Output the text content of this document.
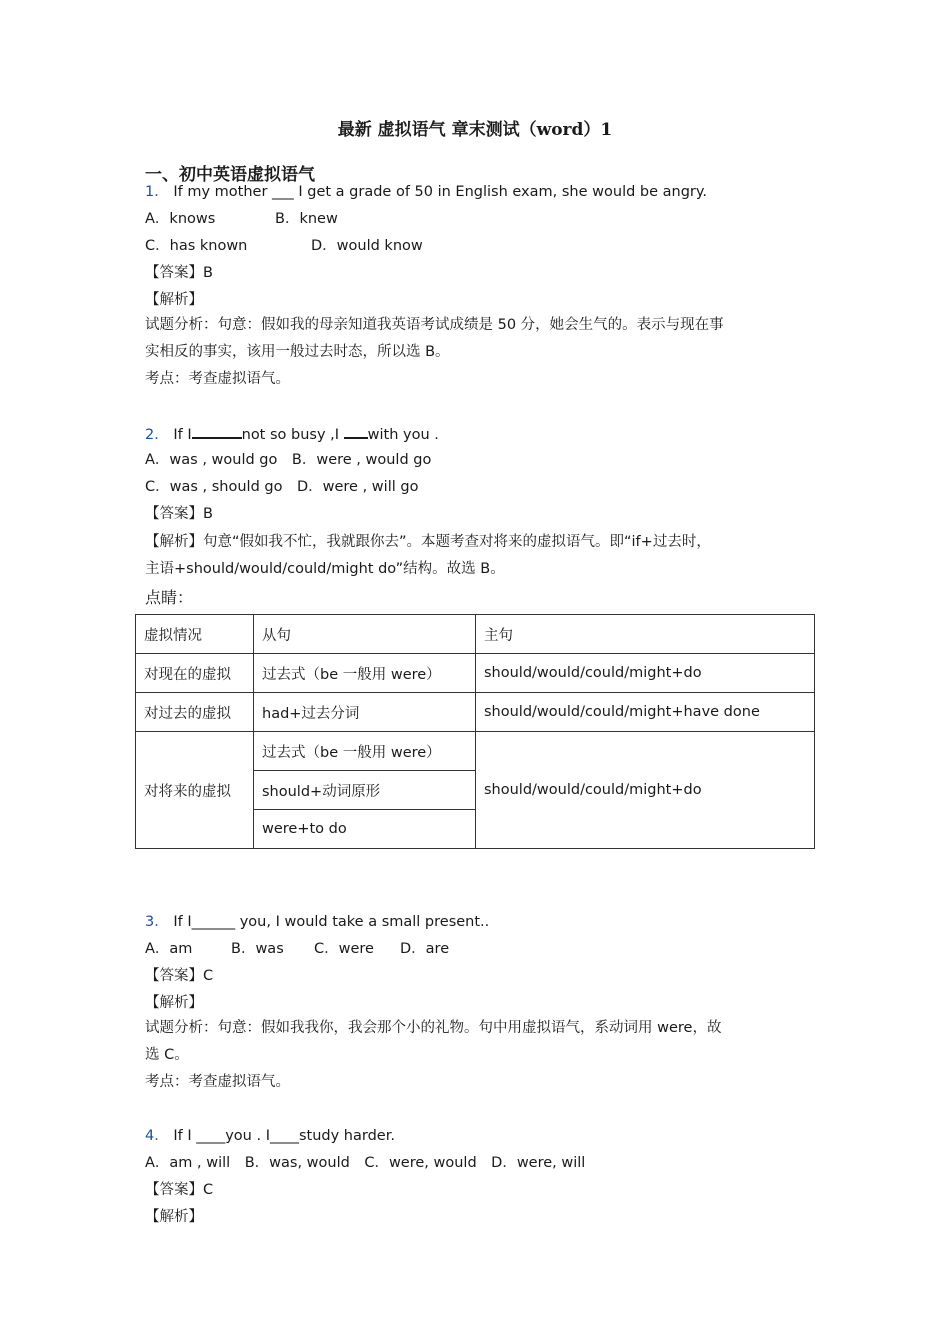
最新 虚拟语气 章末测试（word）1
一、初中英语虚拟语气
1． If my mother ___ I get a grade of 50 in English exam, she would be angry.
A．knows	B．knew
C．has known	D．would know
【答案】B
【解析】
试题分析：句意：假如我的母亲知道我英语考试成绩是 50 分，她会生气的。表示与现在事
实相反的事实，该用一般过去时态，所以选 B。
考点：考查虚拟语气。
2． If I	not so busy ,I with you .
A．was , would go　B．were , would go
C．was , should go　D．were , will go
【答案】B
【解析】句意“假如我不忙，我就跟你去”。本题考查对将来的虚拟语气。即“if+过去时，
主语+should/would/could/might do”结构。故选 B。
点睛：
虚拟情况	从句	主句
对现在的虚拟	过去式（be 一般用 were）	should/would/could/might+do
对过去的虚拟	had+过去分词	should/would/could/might+have done
对将来的虚拟	过去式（be 一般用 were）	should/would/could/might+do
	should+动词原形	
	were+to do	
3． If I______ you, I would take a small present..
A．am	B．was C．were D．are
【答案】C
【解析】
试题分析：句意：假如我我你，我会那个小的礼物。句中用虚拟语气，系动词用 were，故
选 C。
考点：考查虚拟语气。
4． If I ____you . I____study harder.
A．am , will　B．was, would　C．were, would　D．were, will
【答案】C
【解析】
